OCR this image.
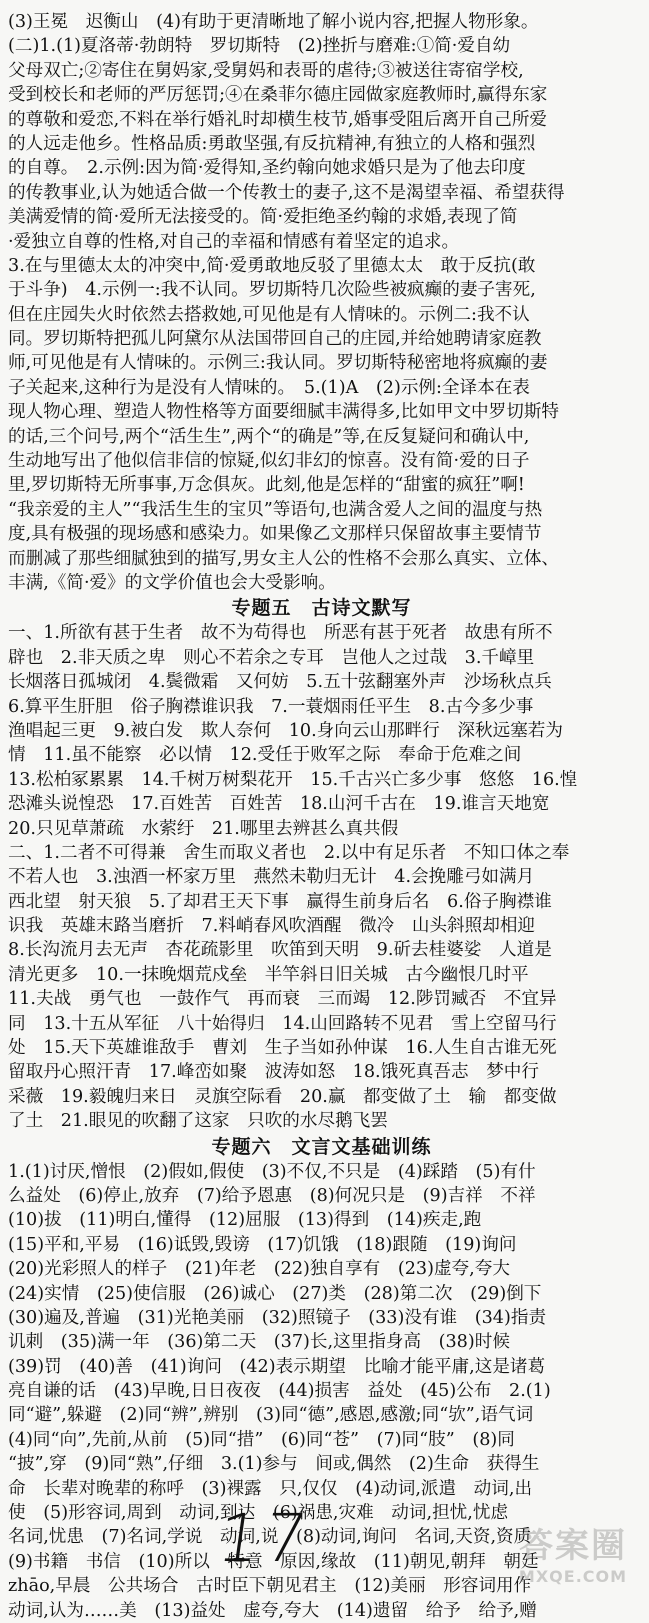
(3)王冕　迟衡山　(4)有助于更清晰地了解小说内容,把握人物形象。
(二)1.(1)夏洛蒂·勃朗特　罗切斯特　(2)挫折与磨难:①简·爱自幼
父母双亡;②寄住在舅妈家,受舅妈和表哥的虐待;③被送往寄宿学校,
受到校长和老师的严厉惩罚;④在桑菲尔德庄园做家庭教师时,赢得东家
的尊敬和爱恋,不料在举行婚礼时却横生枝节,婚事受阻后离开自己所爱
的人远走他乡。性格品质:勇敢坚强,有反抗精神,有独立的人格和强烈
的自尊。　2.示例:因为简·爱得知,圣约翰向她求婚只是为了他去印度
的传教事业,认为她适合做一个传教士的妻子,这不是渴望幸福、希望获得
美满爱情的简·爱所无法接受的。简·爱拒绝圣约翰的求婚,表现了简
·爱独立自尊的性格,对自己的幸福和情感有着坚定的追求。
3.在与里德太太的冲突中,简·爱勇敢地反驳了里德太太　敢于反抗(敢
于斗争)　4.示例一:我不认同。罗切斯特几次险些被疯癫的妻子害死,
但在庄园失火时依然去搭救她,可见他是有人情味的。示例二:我不认
同。罗切斯特把孤儿阿黛尔从法国带回自己的庄园,并给她聘请家庭教
师,可见他是有人情味的。示例三:我认同。罗切斯特秘密地将疯癫的妻
子关起来,这种行为是没有人情味的。　5.(1)A　(2)示例:全译本在表
现人物心理、塑造人物性格等方面要细腻丰满得多,比如甲文中罗切斯特
的话,三个问号,两个“活生生”,两个“的确是”等,在反复疑问和确认中,
生动地写出了他似信非信的惊疑,似幻非幻的惊喜。没有简·爱的日子
里,罗切斯特无所事事,万念俱灰。此刻,他是怎样的“甜蜜的疯狂”啊!
“我亲爱的主人”“我活生生的宝贝”等语句,也满含爱人之间的温度与热
度,具有极强的现场感和感染力。如果像乙文那样只保留故事主要情节
而删减了那些细腻独到的描写,男女主人公的性格不会那么真实、立体、
丰满,《简·爱》的文学价值也会大受影响。
专题五　古诗文默写
一、1.所欲有甚于生者　故不为苟得也　所恶有甚于死者　故患有所不
辟也　2.非天质之卑　则心不若余之专耳　岂他人之过哉　3.千嶂里
长烟落日孤城闭　4.鬓微霜　又何妨　5.五十弦翻塞外声　沙场秋点兵
6.算平生肝胆　俗子胸襟谁识我　7.一蓑烟雨任平生　8.古今多少事
渔唱起三更　9.被白发　欺人奈何　10.身向云山那畔行　深秋远塞若为
情　11.虽不能察　必以情　12.受任于败军之际　奉命于危难之间
13.松柏冢累累　14.千树万树梨花开　15.千古兴亡多少事　悠悠　16.惶
恐滩头说惶恐　17.百姓苦　百姓苦　18.山河千古在　19.谁言天地宽
20.只见草萧疏　水萦纡　21.哪里去辨甚么真共假
二、1.二者不可得兼　舍生而取义者也　2.以中有足乐者　不知口体之奉
不若人也　3.浊酒一杯家万里　燕然未勒归无计　4.会挽雕弓如满月
西北望　射天狼　5.了却君王天下事　赢得生前身后名　6.俗子胸襟谁
识我　英雄末路当磨折　7.料峭春风吹酒醒　微冷　山头斜照却相迎
8.长沟流月去无声　杏花疏影里　吹笛到天明　9.斫去桂婆娑　人道是
清光更多　10.一抹晚烟荒戍垒　半竿斜日旧关城　古今幽恨几时平
11.夫战　勇气也　一鼓作气　再而衰　三而竭　12.陟罚臧否　不宜异
同　13.十五从军征　八十始得归　14.山回路转不见君　雪上空留马行
处　15.天下英雄谁敌手　曹刘　生子当如孙仲谋　16.人生自古谁无死
留取丹心照汗青　17.峰峦如聚　波涛如怒　18.饿死真吾志　梦中行
采薇　19.毅魄归来日　灵旗空际看　20.赢　都变做了土　输　都变做
了土　21.眼见的吹翻了这家　只吹的水尽鹅飞罢
专题六　文言文基础训练
1.(1)讨厌,憎恨　(2)假如,假使　(3)不仅,不只是　(4)踩踏　(5)有什
么益处　(6)停止,放弃　(7)给予恩惠　(8)何况只是　(9)吉祥　不祥
(10)拔　(11)明白,懂得　(12)屈服　(13)得到　(14)疾走,跑
(15)平和,平易　(16)诋毁,毁谤　(17)饥饿　(18)跟随　(19)询问
(20)光彩照人的样子　(21)年老　(22)独自享有　(23)虚夸,夸大
(24)实情　(25)使信服　(26)诚心　(27)类　(28)第二次　(29)倒下
(30)遍及,普遍　(31)光艳美丽　(32)照镜子　(33)没有谁　(34)指责
讥刺　(35)满一年　(36)第二天　(37)长,这里指身高　(38)时候
(39)罚　(40)善　(41)询问　(42)表示期望　比喻才能平庸,这是诸葛
亮自谦的话　(43)早晚,日日夜夜　(44)损害　益处　(45)公布　2.(1)
同“避”,躲避　(2)同“辨”,辨别　(3)同“德”,感恩,感激;同“欤”,语气词
(4)同“向”,先前,从前　(5)同“措”　(6)同“苍”　(7)同“肢”　(8)同
“披”,穿　(9)同“熟”,仔细　3.(1)参与　间或,偶然　(2)生命　获得生
命　长辈对晚辈的称呼　(3)裸露　只,仅仅　(4)动词,派遣　动词,出
使　(5)形容词,周到　动词,到达　(6)祸患,灾难　动词,担忧,忧虑
名词,忧患　(7)名词,学说　动词,说　(8)动词,询问　名词,天资,资质
(9)书籍　书信　(10)所以　特意　原因,缘故　(11)朝见,朝拜　朝廷
zhāo,早晨　公共场合　古时臣下朝见君主　(12)美丽　形容词用作
动词,认为……美　(13)益处　虚夸,夸大　(14)遗留　给予　给予,赠
17	答案圈
MXQE.COM
